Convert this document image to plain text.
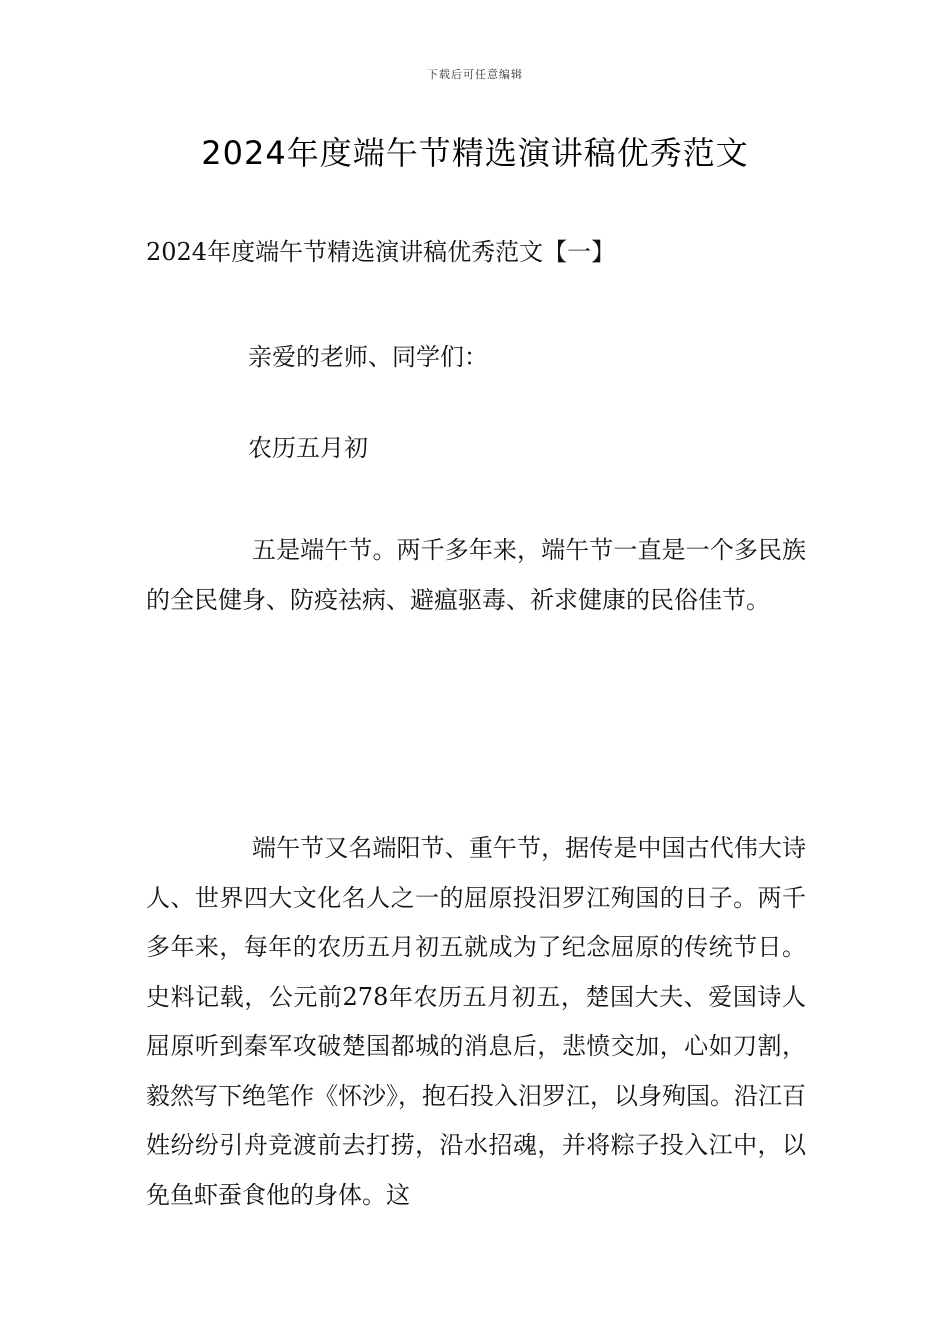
下载后可任意编辑
2024年度端午节精选演讲稿优秀范文

2024年度端午节精选演讲稿优秀范文【一】

亲爱的老师、同学们：

农历五月初

五是端午节。两千多年来，端午节一直是一个多民族的全民健身、防疫祛病、避瘟驱毒、祈求健康的民俗佳节。

端午节又名端阳节、重午节，据传是中国古代伟大诗人、世界四大文化名人之一的屈原投汨罗江殉国的日子。两千多年来，每年的农历五月初五就成为了纪念屈原的传统节日。史料记载，公元前278年农历五月初五，楚国大夫、爱国诗人屈原听到秦军攻破楚国都城的消息后，悲愤交加，心如刀割，毅然写下绝笔作《怀沙》，抱石投入汨罗江，以身殉国。沿江百姓纷纷引舟竞渡前去打捞，沿水招魂，并将粽子投入江中，以免鱼虾蚕食他的身体。这
